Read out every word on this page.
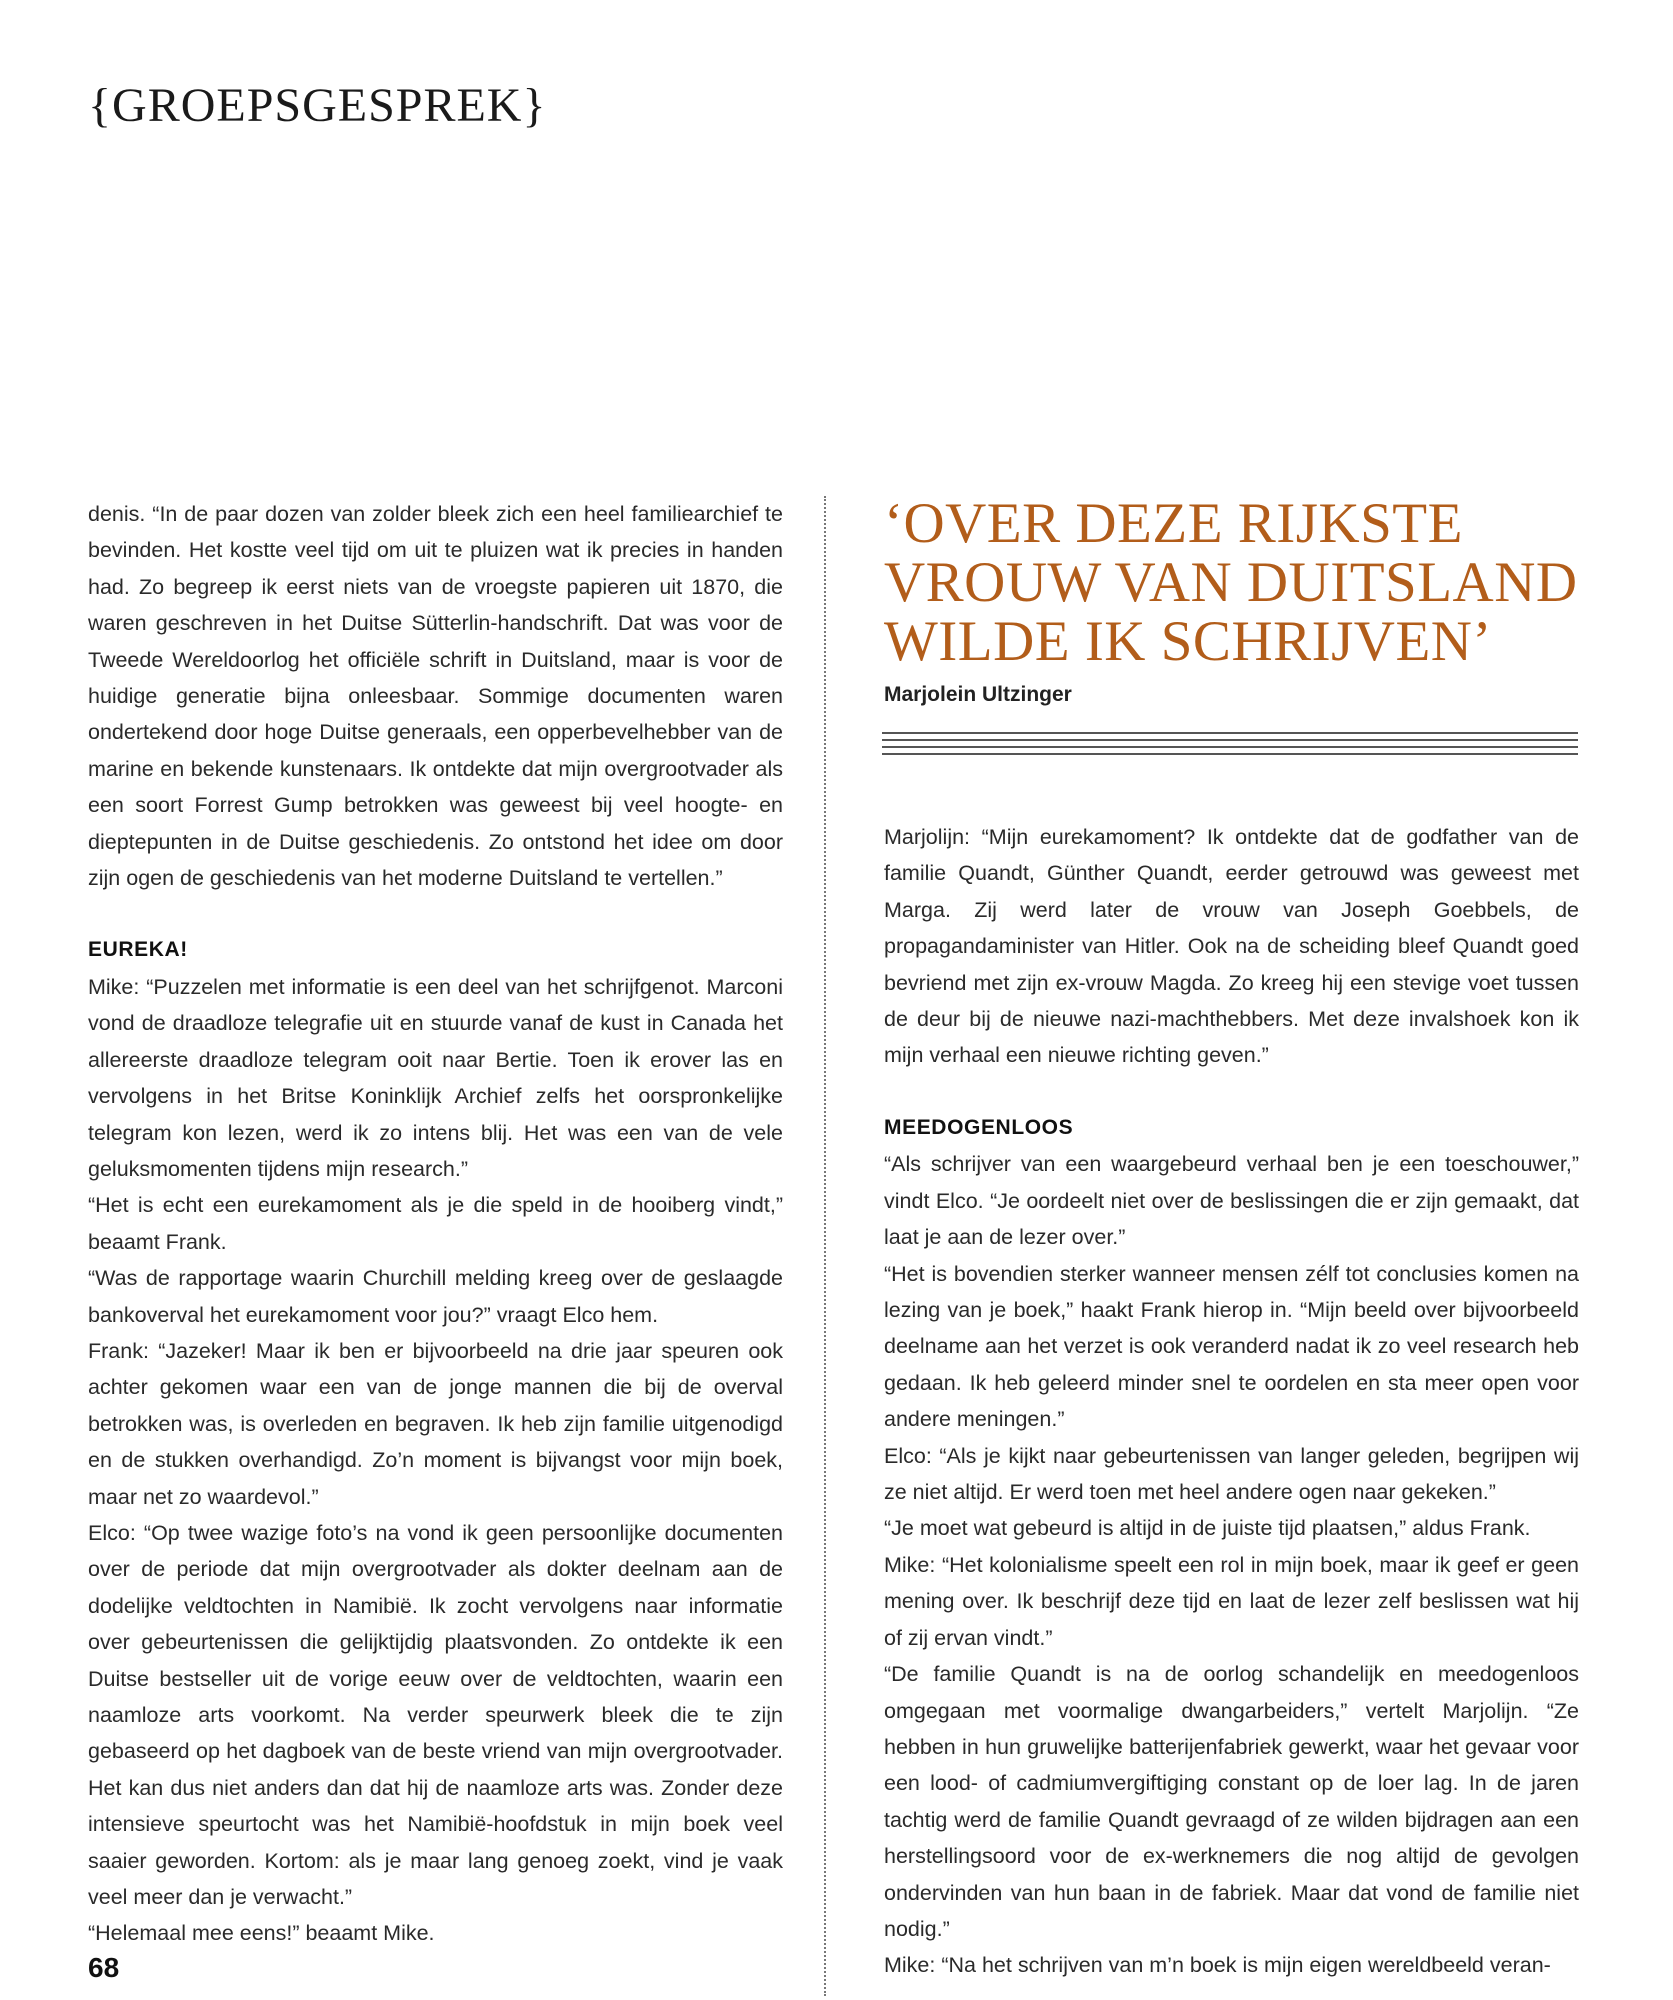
{GROEPSGESPREK}

denis. “In de paar dozen van zolder bleek zich een heel familiearchief te bevinden. Het kostte veel tijd om uit te pluizen wat ik precies in handen had. Zo begreep ik eerst niets van de vroegste papieren uit 1870, die waren geschreven in het Duitse Sütterlin-handschrift. Dat was voor de Tweede Wereldoorlog het officiële schrift in Duitsland, maar is voor de huidige generatie bijna onleesbaar. Sommige documenten waren ondertekend door hoge Duitse generaals, een opperbevelhebber van de marine en bekende kunstenaars. Ik ontdekte dat mijn overgrootvader als een soort Forrest Gump betrokken was geweest bij veel hoogte- en dieptepunten in de Duitse geschiedenis. Zo ontstond het idee om door zijn ogen de geschiedenis van het moderne Duitsland te vertellen.”

EUREKA!

Mike: “Puzzelen met informatie is een deel van het schrijfgenot. Marconi vond de draadloze telegrafie uit en stuurde vanaf de kust in Canada het allereerste draadloze telegram ooit naar Bertie. Toen ik erover las en vervolgens in het Britse Koninklijk Archief zelfs het oorspronkelijke telegram kon lezen, werd ik zo intens blij. Het was een van de vele geluksmomenten tijdens mijn research.”

“Het is echt een eurekamoment als je die speld in de hooiberg vindt,” beaamt Frank.

“Was de rapportage waarin Churchill melding kreeg over de geslaagde bankoverval het eurekamoment voor jou?” vraagt Elco hem.

Frank: “Jazeker! Maar ik ben er bijvoorbeeld na drie jaar speuren ook achter gekomen waar een van de jonge mannen die bij de overval betrokken was, is overleden en begraven. Ik heb zijn familie uitgenodigd en de stukken overhandigd. Zo’n moment is bijvangst voor mijn boek, maar net zo waardevol.”

Elco: “Op twee wazige foto’s na vond ik geen persoonlijke documenten over de periode dat mijn overgrootvader als dokter deelnam aan de dodelijke veldtochten in Namibië. Ik zocht vervolgens naar informatie over gebeurtenissen die gelijktijdig plaatsvonden. Zo ontdekte ik een Duitse bestseller uit de vorige eeuw over de veldtochten, waarin een naamloze arts voorkomt. Na verder speurwerk bleek die te zijn gebaseerd op het dagboek van de beste vriend van mijn overgrootvader. Het kan dus niet anders dan dat hij de naamloze arts was. Zonder deze intensieve speurtocht was het Namibië-hoofdstuk in mijn boek veel saaier geworden. Kortom: als je maar lang genoeg zoekt, vind je vaak veel meer dan je verwacht.”

“Helemaal mee eens!” beaamt Mike.

‘OVER DEZE RIJKSTE
VROUW VAN DUITSLAND
WILDE IK SCHRIJVEN’
Marjolein Ultzinger

Marjolijn: “Mijn eurekamoment? Ik ontdekte dat de godfather van de familie Quandt, Günther Quandt, eerder getrouwd was geweest met Marga. Zij werd later de vrouw van Joseph Goebbels, de propagandaminister van Hitler. Ook na de scheiding bleef Quandt goed bevriend met zijn ex-vrouw Magda. Zo kreeg hij een stevige voet tussen de deur bij de nieuwe nazi-machthebbers. Met deze invalshoek kon ik mijn verhaal een nieuwe richting geven.”

MEEDOGENLOOS

“Als schrijver van een waargebeurd verhaal ben je een toeschouwer,” vindt Elco. “Je oordeelt niet over de beslissingen die er zijn gemaakt, dat laat je aan de lezer over.”

“Het is bovendien sterker wanneer mensen zélf tot conclusies komen na lezing van je boek,” haakt Frank hierop in. “Mijn beeld over bijvoorbeeld deelname aan het verzet is ook veranderd nadat ik zo veel research heb gedaan. Ik heb geleerd minder snel te oordelen en sta meer open voor andere meningen.”

Elco: “Als je kijkt naar gebeurtenissen van langer geleden, begrijpen wij ze niet altijd. Er werd toen met heel andere ogen naar gekeken.”

“Je moet wat gebeurd is altijd in de juiste tijd plaatsen,” aldus Frank.

Mike: “Het kolonialisme speelt een rol in mijn boek, maar ik geef er geen mening over. Ik beschrijf deze tijd en laat de lezer zelf beslissen wat hij of zij ervan vindt.”

“De familie Quandt is na de oorlog schandelijk en meedogenloos omgegaan met voormalige dwangarbeiders,” vertelt Marjolijn. “Ze hebben in hun gruwelijke batterijenfabriek gewerkt, waar het gevaar voor een lood- of cadmiumvergiftiging constant op de loer lag. In de jaren tachtig werd de familie Quandt gevraagd of ze wilden bijdragen aan een herstellingsoord voor de ex-werknemers die nog altijd de gevolgen ondervinden van hun baan in de fabriek. Maar dat vond de familie niet nodig.”

Mike: “Na het schrijven van m’n boek is mijn eigen wereldbeeld veran-

68
